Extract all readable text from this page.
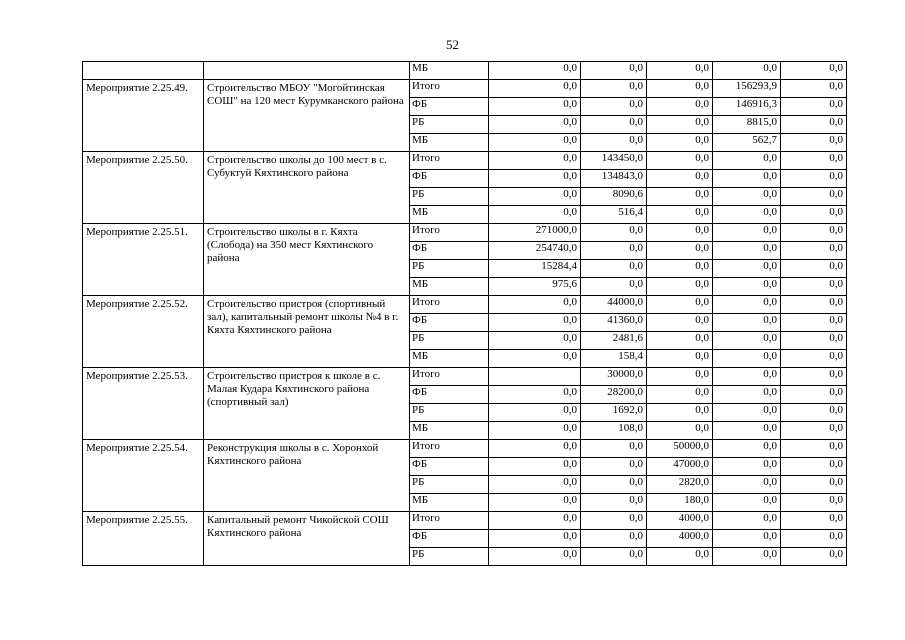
52
		МБ	0,0	0,0	0,0	0,0	0,0
Мероприятие 2.25.49.	Строительство МБОУ "Могойтинская СОШ" на 120 мест Курумканского района	Итого	0,0	0,0	0,0	156293,9	0,0
		ФБ	0,0	0,0	0,0	146916,3	0,0
		РБ	0,0	0,0	0,0	8815,0	0,0
		МБ	0,0	0,0	0,0	562,7	0,0
Мероприятие 2.25.50.	Строительство школы до 100 мест в с. Субуктуй Кяхтинского района	Итого	0,0	143450,0	0,0	0,0	0,0
		ФБ	0,0	134843,0	0,0	0,0	0,0
		РБ	0,0	8090,6	0,0	0,0	0,0
		МБ	0,0	516,4	0,0	0,0	0,0
Мероприятие 2.25.51.	Строительство школы в г. Кяхта (Слобода) на 350 мест Кяхтинского района	Итого	271000,0	0,0	0,0	0,0	0,0
		ФБ	254740,0	0,0	0,0	0,0	0,0
		РБ	15284,4	0,0	0,0	0,0	0,0
		МБ	975,6	0,0	0,0	0,0	0,0
Мероприятие 2.25.52.	Строительство пристроя (спортивный зал), капитальный ремонт школы №4 в г. Кяхта Кяхтинского района	Итого	0,0	44000,0	0,0	0,0	0,0
		ФБ	0,0	41360,0	0,0	0,0	0,0
		РБ	0,0	2481,6	0,0	0,0	0,0
		МБ	0,0	158,4	0,0	0,0	0,0
Мероприятие 2.25.53.	Строительство пристроя к школе в с. Малая Кудара Кяхтинского района (спортивный зал)	Итого		30000,0	0,0	0,0	0,0
		ФБ	0,0	28200,0	0,0	0,0	0,0
		РБ	0,0	1692,0	0,0	0,0	0,0
		МБ	0,0	108,0	0,0	0,0	0,0
Мероприятие 2.25.54.	Реконструкция школы в с. Хоронхой Кяхтинского района	Итого	0,0	0,0	50000,0	0,0	0,0
		ФБ	0,0	0,0	47000,0	0,0	0,0
		РБ	0,0	0,0	2820,0	0,0	0,0
		МБ	0,0	0,0	180,0	0,0	0,0
Мероприятие 2.25.55.	Капитальный ремонт Чикойской СОШ Кяхтинского района	Итого	0,0	0,0	4000,0	0,0	0,0
		ФБ	0,0	0,0	4000,0	0,0	0,0
		РБ	0,0	0,0	0,0	0,0	0,0
